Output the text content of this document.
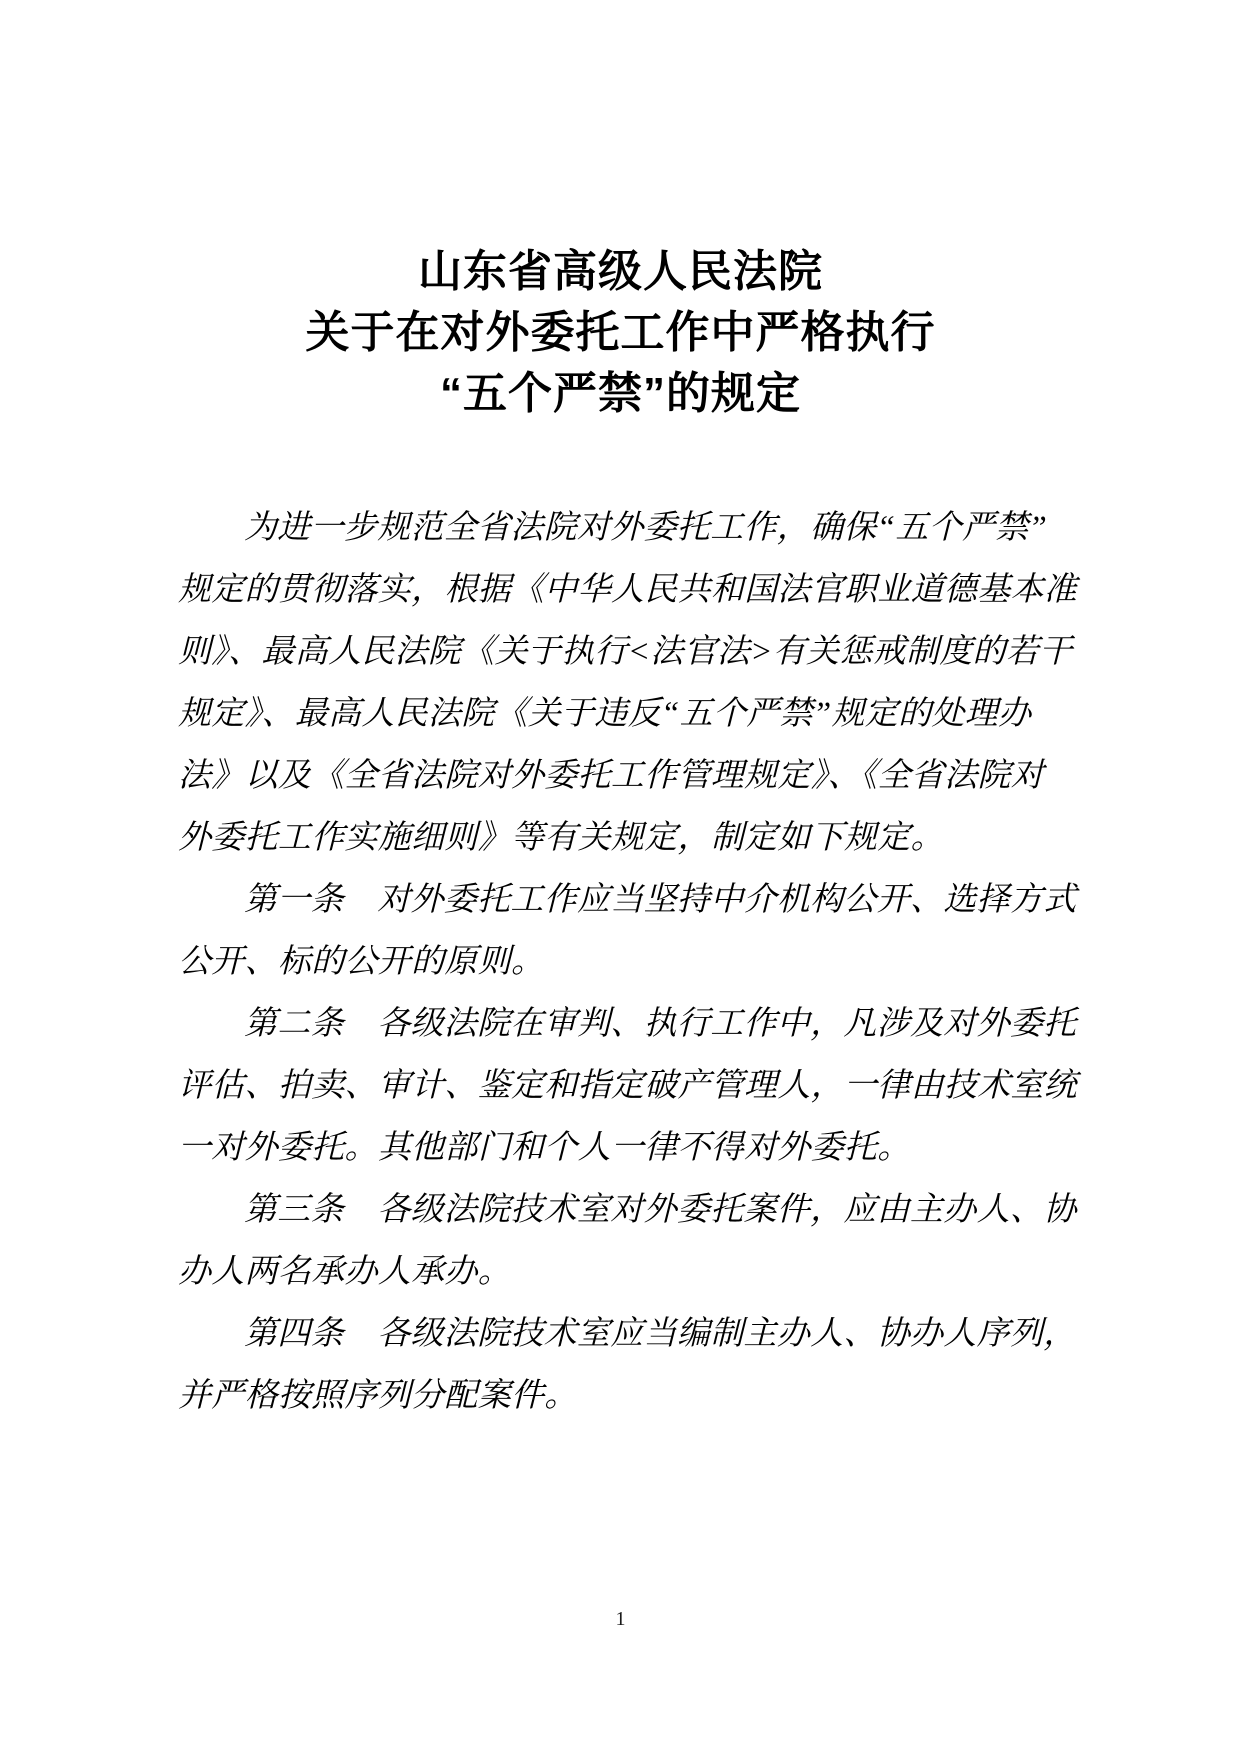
山东省高级人民法院
关于在对外委托工作中严格执行
“五个严禁”的规定

为进一步规范全省法院对外委托工作，确保“五个严禁”
规定的贯彻落实，根据《中华人民共和国法官职业道德基本准
则》、最高人民法院《关于执行<法官法>有关惩戒制度的若干
规定》、最高人民法院《关于违反“五个严禁”规定的处理办
法》以及《全省法院对外委托工作管理规定》、《全省法院对
外委托工作实施细则》等有关规定，制定如下规定。

第一条　对外委托工作应当坚持中介机构公开、选择方式
公开、标的公开的原则。

第二条　各级法院在审判、执行工作中，凡涉及对外委托
评估、拍卖、审计、鉴定和指定破产管理人，一律由技术室统
一对外委托。其他部门和个人一律不得对外委托。

第三条　各级法院技术室对外委托案件，应由主办人、协
办人两名承办人承办。

第四条　各级法院技术室应当编制主办人、协办人序列，
并严格按照序列分配案件。

1
